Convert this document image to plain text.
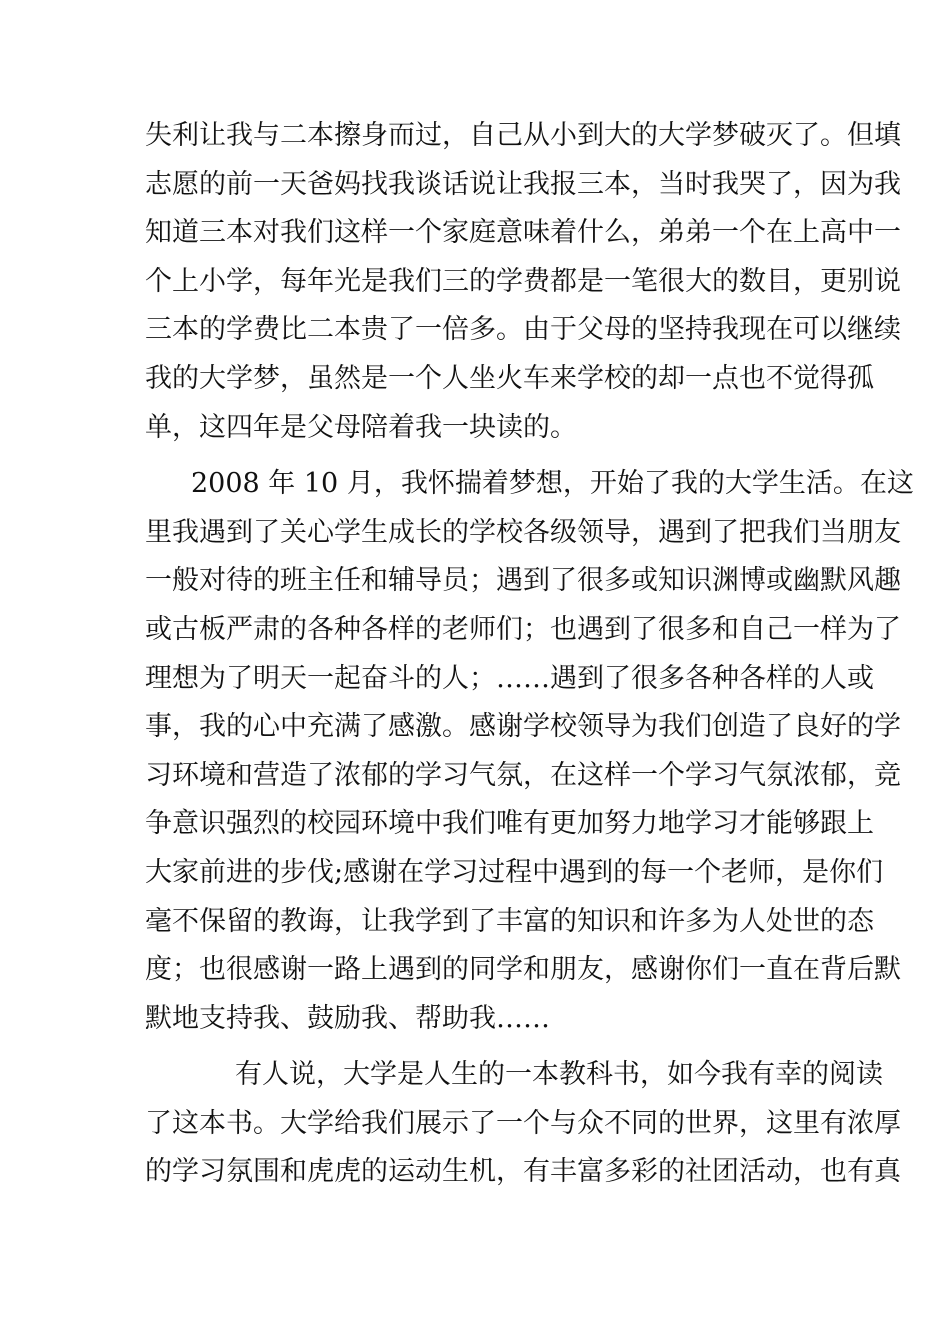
失利让我与二本擦身而过，自己从小到大的大学梦破灭了。但填
志愿的前一天爸妈找我谈话说让我报三本，当时我哭了，因为我
知道三本对我们这样一个家庭意味着什么，弟弟一个在上高中一
个上小学，每年光是我们三的学费都是一笔很大的数目，更别说
三本的学费比二本贵了一倍多。由于父母的坚持我现在可以继续
我的大学梦，虽然是一个人坐火车来学校的却一点也不觉得孤
单，这四年是父母陪着我一块读的。
2008 年 10 月，我怀揣着梦想，开始了我的大学生活。在这
里我遇到了关心学生成长的学校各级领导，遇到了把我们当朋友
一般对待的班主任和辅导员；遇到了很多或知识渊博或幽默风趣
或古板严肃的各种各样的老师们；也遇到了很多和自己一样为了
理想为了明天一起奋斗的人；……遇到了很多各种各样的人或
事，我的心中充满了感激。感谢学校领导为我们创造了良好的学
习环境和营造了浓郁的学习气氛，在这样一个学习气氛浓郁，竞
争意识强烈的校园环境中我们唯有更加努力地学习才能够跟上
大家前进的步伐;感谢在学习过程中遇到的每一个老师，是你们
毫不保留的教诲，让我学到了丰富的知识和许多为人处世的态
度；也很感谢一路上遇到的同学和朋友，感谢你们一直在背后默
默地支持我、鼓励我、帮助我……
有人说，大学是人生的一本教科书，如今我有幸的阅读
了这本书。大学给我们展示了一个与众不同的世界，这里有浓厚
的学习氛围和虎虎的运动生机，有丰富多彩的社团活动，也有真
